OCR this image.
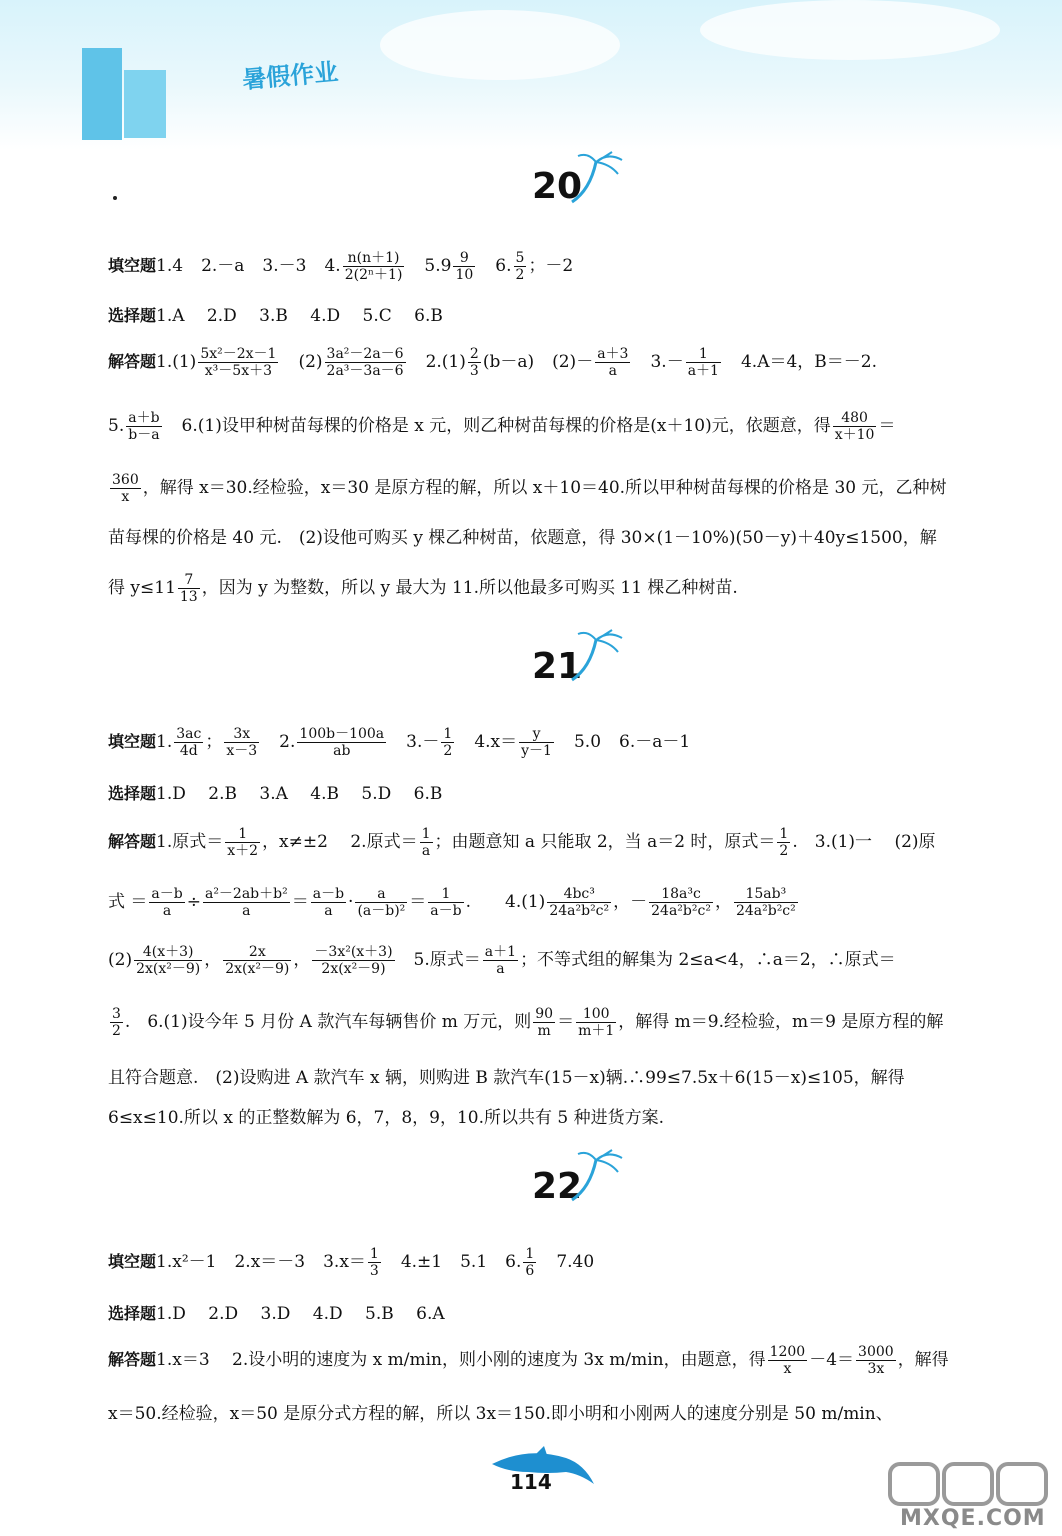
暑假作业
20
填空题1.4 2.－a 3.－3 4. $\frac{n(n+1)}{\text{2(2ⁿ＋1)}} 5.9 \frac{9}{10} 6$. $\frac{5}{2}$ ；－2
选择题1.A　 2.D　 3.B　 4.D　 5.C　 6.B
解答题$1.(1) \frac{\text{5x²－2x－1}}{\text{x³－5x＋3}} (2) \frac{\text{3a²－2a－6}}{\text{2a³－3a－6}} 2.(1) \frac{2}{3} (b-a)$ $(2)- \frac{a+3}{a} 3.- \frac{1}{a+1} 4.A=4$，B＝－2.
5. $\frac{a+b}{b-a} 6.(1)$设甲种树苗每棵的价格是 x 元，则乙种树苗每棵的价格是(x＋10)元，依题意，得 $\frac{480}{x+10}$ ＝
$\frac{360}{x}$ ，解得 x＝30.经检验，x＝30 是原方程的解，所以 x＋10＝40.所以甲种树苗每棵的价格是 30 元，乙种树
苗每棵的价格是 40 元.　(2)设他可购买 y 棵乙种树苗，依题意，得 30×(1－10%)(50－y)＋40y≤1500，解
得 $y\le 11 \frac{7}{13}$ ，因为 y 为整数，所以 y 最大为 11.所以他最多可购买 11 棵乙种树苗.
21
填空题1. $\frac{3ac}{4d}$ ； $\frac{3x}{x-3} 2$. $\frac{100b-100a}{ab} 3.- \frac{1}{2} 4.x= \frac{y}{y-1} 5.0$ 6.－a－1
选择题1.D　 2.B　 3.A　 4.B　 5.D　 6.B
解答题1.原式＝ $\frac{1}{x+2}$ ，x≠±2　 2.原式＝ $\frac{1}{a}$ ；由题意知 a 只能取 2，当 a＝2 时，原式＝ $\frac{1}{2}$ .　3.(1)一　 (2)原
式 ＝ $\frac{a-b}{a} \div \frac{\text{a²－2ab＋b²}}{a} = \frac{a-b}{a} \cdot \frac{a}{\text{(a－b)²}} = \frac{1}{a-b}$ .　　$4.(1) \frac{\text{4bc³}}{\text{24a²b²c²}}$ ，－ $\frac{\text{18a³c}}{\text{24a²b²c²}}$ ， $\frac{\text{15ab³}}{\text{24a²b²c²}}$
$(2) \frac{4(x+3)}{\text{2x(x²－9)}}$ ， $\frac{2x}{\text{2x(x²－9)}}$ ， $\frac{\text{－3x²(x＋3)}}{\text{2x(x²－9)}}$ 　5.原式＝ $\frac{a+1}{a}$ ；不等式组的解集为 2≤a<4，∴a＝2，∴原式＝
$\frac{3}{2}$ .　6.(1)设今年 5 月份 A 款汽车每辆售价 m 万元，则 $\frac{90}{m} = \frac{100}{m+1}$ ，解得 m＝9.经检验，m＝9 是原方程的解
且符合题意.　(2)设购进 A 款汽车 x 辆，则购进 B 款汽车(15－x)辆.∴99≤7.5x＋6(15－x)≤105，解得
6≤x≤10.所以 x 的正整数解为 6，7，8，9，10.所以共有 5 种进货方案.
22
填空题1.x²－1 2.x＝－3 $3.x= \frac{1}{3} 4.\pm 1$ 5.1 6. $\frac{1}{6} 7.40$
选择题1.D　 2.D　 3.D　 4.D　 5.B　 6.A
解答题1.x＝3　 2.设小明的速度为 x m/min，则小刚的速度为 3x m/min，由题意，得 $\frac{1200}{x} -4= \frac{3000}{3x}$ ，解得
x＝50.经检验，x＝50 是原分式方程的解，所以 3x＝150.即小明和小刚两人的速度分别是 50 m/min、
114
MXQE.COM
